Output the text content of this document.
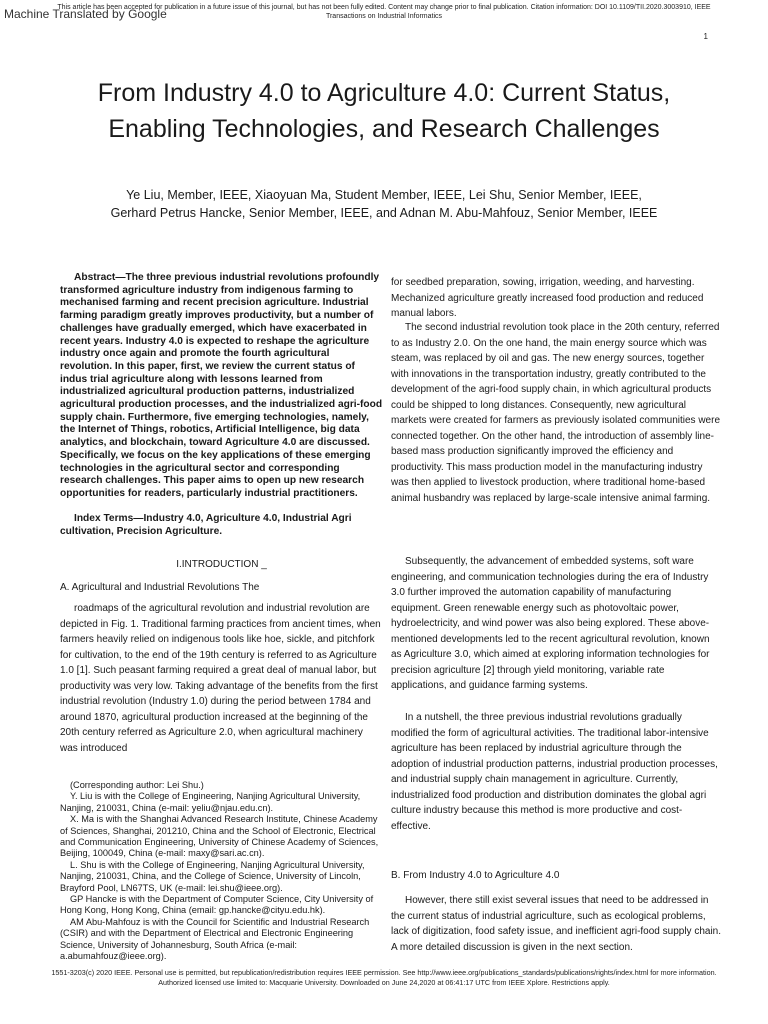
This article has been accepted for publication in a future issue of this journal, but has not been fully edited. Content may change prior to final publication. Citation information: DOI 10.1109/TII.2020.3003910, IEEE
Transactions on Industrial Informatics
Machine Translated by Google
1
From Industry 4.0 to Agriculture 4.0: Current Status, Enabling Technologies, and Research Challenges
Ye Liu, Member, IEEE, Xiaoyuan Ma, Student Member, IEEE, Lei Shu, Senior Member, IEEE,
Gerhard Petrus Hancke, Senior Member, IEEE, and Adnan M. Abu-Mahfouz, Senior Member, IEEE

Abstract—The three previous industrial revolutions profoundly transformed agriculture industry from indigenous farming to mechanised farming and recent precision agriculture. Industrial farming paradigm greatly improves productivity, but a number of challenges have gradually emerged, which have exacerbated in recent years. Industry 4.0 is expected to reshape the agriculture industry once again and promote the fourth agricultural revolution. In this paper, first, we review the current status of indus trial agriculture along with lessons learned from industrialized agricultural production patterns, industrialized agricultural production processes, and the industrialized agri-food supply chain. Furthermore, five emerging technologies, namely, the Internet of Things, robotics, Artificial Intelligence, big data analytics, and blockchain, toward Agriculture 4.0 are discussed. Specifically, we focus on the key applications of these emerging technologies in the agricultural sector and corresponding research challenges. This paper aims to open up new research opportunities for readers, particularly industrial practitioners.

Index Terms—Industry 4.0, Agriculture 4.0, Industrial Agri cultivation, Precision Agriculture.

I.INTRODUCTION _
A. Agricultural and Industrial Revolutions The

roadmaps of the agricultural revolution and industrial revolution are depicted in Fig. 1. Traditional farming practices from ancient times, when farmers heavily relied on indigenous tools like hoe, sickle, and pitchfork for cultivation, to the end of the 19th century is referred to as Agriculture 1.0 [1]. Such peasant farming required a great deal of manual labor, but productivity was very low. Taking advantage of the benefits from the first industrial revolution (Industry 1.0) during the period between 1784 and around 1870, agricultural production increased at the beginning of the 20th century referred as Agriculture 2.0, when agricultural machinery was introduced

(Corresponding author: Lei Shu.)
Y. Liu is with the College of Engineering, Nanjing Agricultural University, Nanjing, 210031, China (e-mail: yeliu@njau.edu.cn).
X. Ma is with the Shanghai Advanced Research Institute, Chinese Academy of Sciences, Shanghai, 201210, China and the School of Electronic, Electrical and Communication Engineering, University of Chinese Academy of Sciences, Beijing, 100049, China (e-mail: maxy@sari.ac.cn).
L. Shu is with the College of Engineering, Nanjing Agricultural University, Nanjing, 210031, China, and the College of Science, University of Lincoln, Brayford Pool, LN67TS, UK (e-mail: lei.shu@ieee.org).
GP Hancke is with the Department of Computer Science, City University of Hong Kong, Hong Kong, China (email: gp.hancke@cityu.edu.hk).
AM Abu-Mahfouz is with the Council for Scientific and Industrial Research (CSIR) and with the Department of Electrical and Electronic Engineering Science, University of Johannesburg, South Africa (e-mail: a.abumahfouz@ieee.org).

for seedbed preparation, sowing, irrigation, weeding, and harvesting. Mechanized agriculture greatly increased food production and reduced manual labors.

The second industrial revolution took place in the 20th century, referred to as Industry 2.0. On the one hand, the main energy source which was steam, was replaced by oil and gas. The new energy sources, together with innovations in the transportation industry, greatly contributed to the development of the agri-food supply chain, in which agricultural products could be shipped to long distances. Consequently, new agricultural markets were created for farmers as previously isolated communities were connected together. On the other hand, the introduction of assembly line-based mass production significantly improved the efficiency and productivity. This mass production model in the manufacturing industry was then applied to livestock production, where traditional home-based animal husbandry was replaced by large-scale intensive animal farming.

Subsequently, the advancement of embedded systems, soft ware engineering, and communication technologies during the era of Industry 3.0 further improved the automation capability of manufacturing equipment. Green renewable energy such as photovoltaic power, hydroelectricity, and wind power was also being explored. These above-mentioned developments led to the recent agricultural revolution, known as Agriculture 3.0, which aimed at exploring information technologies for precision agriculture [2] through yield monitoring, variable rate applications, and guidance farming systems.

In a nutshell, the three previous industrial revolutions gradually modified the form of agricultural activities. The traditional labor-intensive agriculture has been replaced by industrial agriculture through the adoption of industrial production patterns, industrial production processes, and industrial supply chain management in agriculture. Currently, industrialized food production and distribution dominates the global agri culture industry because this method is more productive and cost-effective.

B. From Industry 4.0 to Agriculture 4.0

However, there still exist several issues that need to be addressed in the current status of industrial agriculture, such as ecological problems, lack of digitization, food safety issue, and inefficient agri-food supply chain. A more detailed discussion is given in the next section.

1551-3203(c) 2020 IEEE. Personal use is permitted, but republication/redistribution requires IEEE permission. See http://www.ieee.org/publications_standards/publications/rights/index.html for more information.
Authorized licensed use limited to: Macquarie University. Downloaded on June 24,2020 at 06:41:17 UTC from IEEE Xplore. Restrictions apply.
